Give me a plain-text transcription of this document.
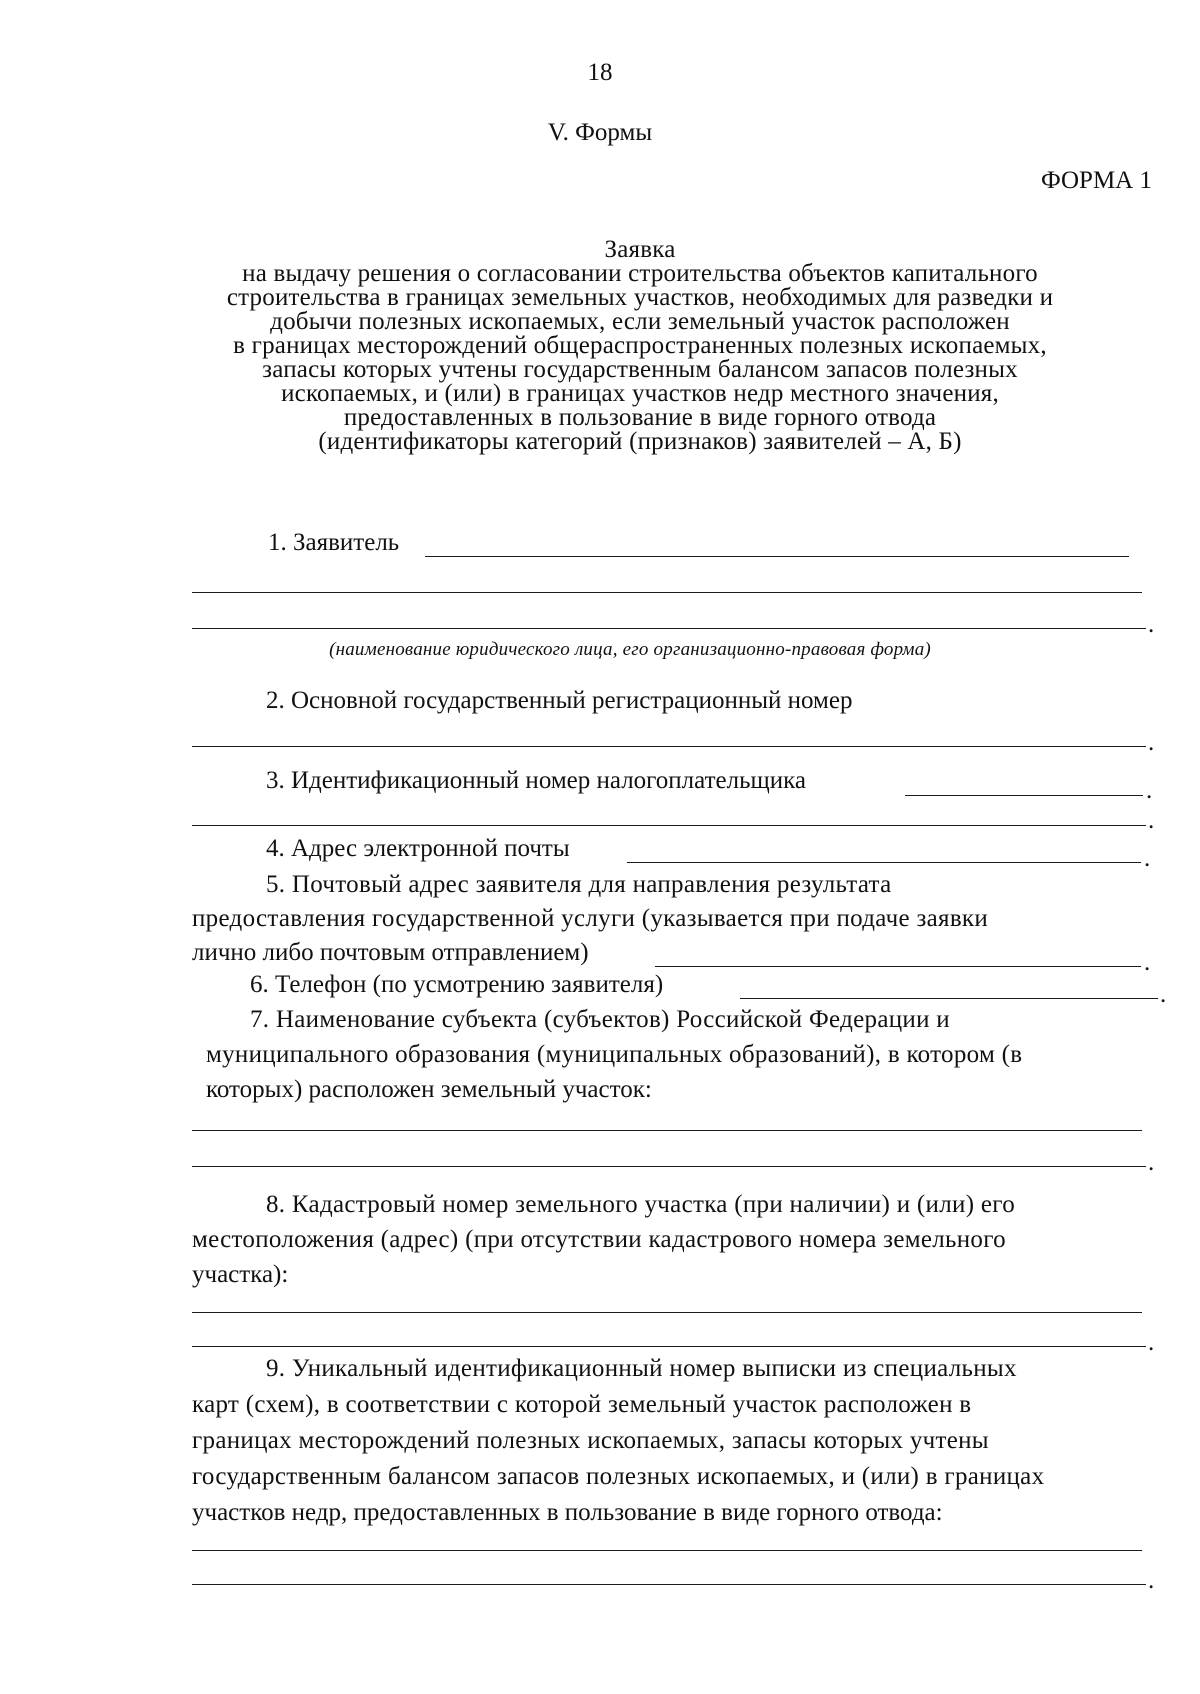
18
V. Формы
ФОРМА 1
Заявка
на выдачу решения о согласовании строительства объектов капитального
строительства в границах земельных участков, необходимых для разведки и
добычи полезных ископаемых, если земельный участок расположен
в границах месторождений общераспространенных полезных ископаемых,
запасы которых учтены государственным балансом запасов полезных
ископаемых, и (или) в границах участков недр местного значения,
предоставленных в пользование в виде горного отвода
(идентификаторы категорий (признаков) заявителей – А, Б)
1. Заявитель
.
(наименование юридического лица, его организационно-правовая форма)
2. Основной государственный регистрационный номер
.
3. Идентификационный номер налогоплательщика	.
.
4. Адрес электронной почты	.
5. Почтовый адрес заявителя для направления результата
предоставления государственной услуги (указывается при подаче заявки
лично либо почтовым отправлением)	.
6. Телефон (по усмотрению заявителя)	.
7. Наименование субъекта (субъектов) Российской Федерации и
муниципального образования (муниципальных образований), в котором (в
которых) расположен земельный участок:
.
8. Кадастровый номер земельного участка (при наличии) и (или) его
местоположения (адрес) (при отсутствии кадастрового номера земельного
участка):
.
9. Уникальный идентификационный номер выписки из специальных
карт (схем), в соответствии с которой земельный участок расположен в
границах месторождений полезных ископаемых, запасы которых учтены
государственным балансом запасов полезных ископаемых, и (или) в границах
участков недр, предоставленных в пользование в виде горного отвода:
.
